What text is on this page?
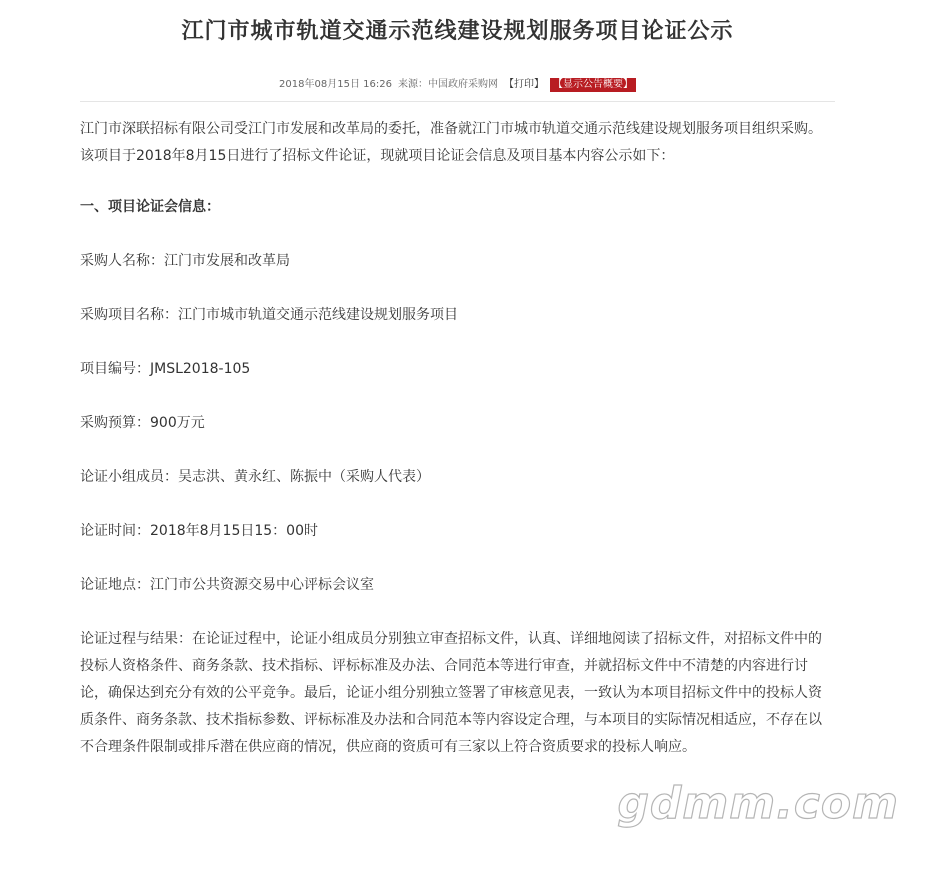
江门市城市轨道交通示范线建设规划服务项目论证公示
2018年08月15日 16:26 来源：中国政府采购网 【打印】 【显示公告概要】

江门市深联招标有限公司受江门市发展和改革局的委托，准备就江门市城市轨道交通示范线建设规划服务项目组织采购。该项目于2018年8月15日进行了招标文件论证，现就项目论证会信息及项目基本内容公示如下：

一、项目论证会信息：

采购人名称：江门市发展和改革局

采购项目名称：江门市城市轨道交通示范线建设规划服务项目

项目编号：JMSL2018-105

采购预算：900万元

论证小组成员：吴志洪、黄永红、陈振中（采购人代表）

论证时间：2018年8月15日15：00时

论证地点：江门市公共资源交易中心评标会议室

论证过程与结果：在论证过程中，论证小组成员分别独立审查招标文件，认真、详细地阅读了招标文件，对招标文件中的投标人资格条件、商务条款、技术指标、评标标准及办法、合同范本等进行审查，并就招标文件中不清楚的内容进行讨论，确保达到充分有效的公平竞争。最后，论证小组分别独立签署了审核意见表，一致认为本项目招标文件中的投标人资质条件、商务条款、技术指标参数、评标标准及办法和合同范本等内容设定合理，与本项目的实际情况相适应，不存在以不合理条件限制或排斥潜在供应商的情况，供应商的资质可有三家以上符合资质要求的投标人响应。

gdmm.com
